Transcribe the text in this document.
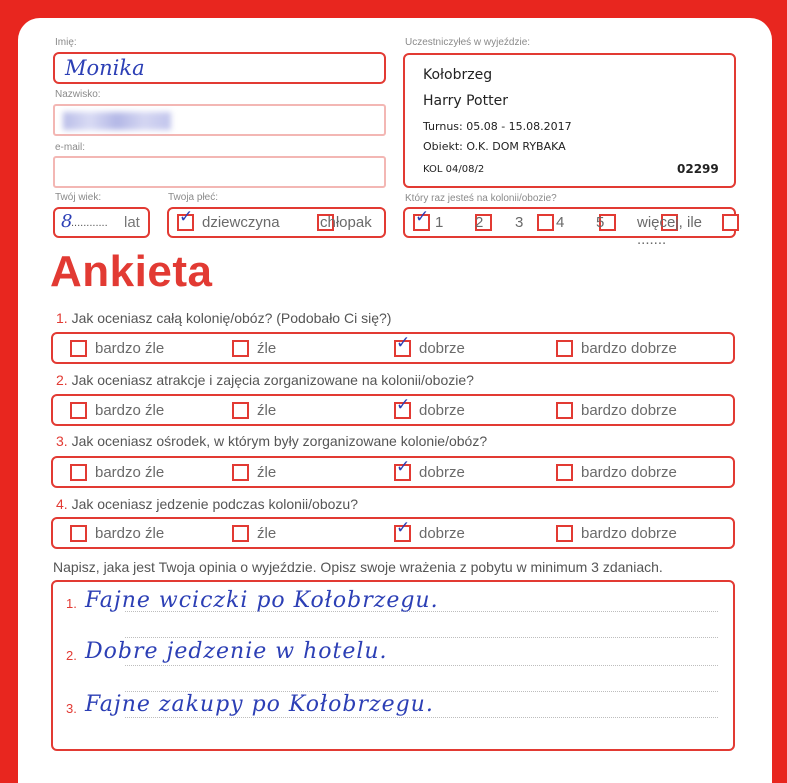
Imię:
Monika
Nazwisko:
e-mail:
Twój wiek:
8
............ lat
Twoja płeć:
✓
dziewczyna	chłopak
Uczestniczyłeś w wyjeździe:
Kołobrzeg
Harry Potter
Turnus: 05.08 - 15.08.2017
Obiekt: O.K. DOM RYBAKA
KOL 04/08/2	02299
Który raz jesteś na kolonii/obozie?
✓
1
2
3
4
5 więcej, ile .......
Ankieta
1. Jak oceniasz całą kolonię/obóz? (Podobało Ci się?)
bardzo źle	źle	✓ dobrze	bardzo dobrze
2. Jak oceniasz atrakcje i zajęcia zorganizowane na kolonii/obozie?
bardzo źle	źle	✓ dobrze	bardzo dobrze
3. Jak oceniasz ośrodek, w którym były zorganizowane kolonie/obóz?
bardzo źle	źle	✓ dobrze	bardzo dobrze
4. Jak oceniasz jedzenie podczas kolonii/obozu?
bardzo źle	źle	✓ dobrze	bardzo dobrze
Napisz, jaka jest Twoja opinia o wyjeździe. Opisz swoje wrażenia z pobytu w minimum 3 zdaniach.
1. Fajne wciczki po Kołobrzegu.
2. Dobre jedzenie w hotelu.
3. Fajne zakupy po Kołobrzegu.
